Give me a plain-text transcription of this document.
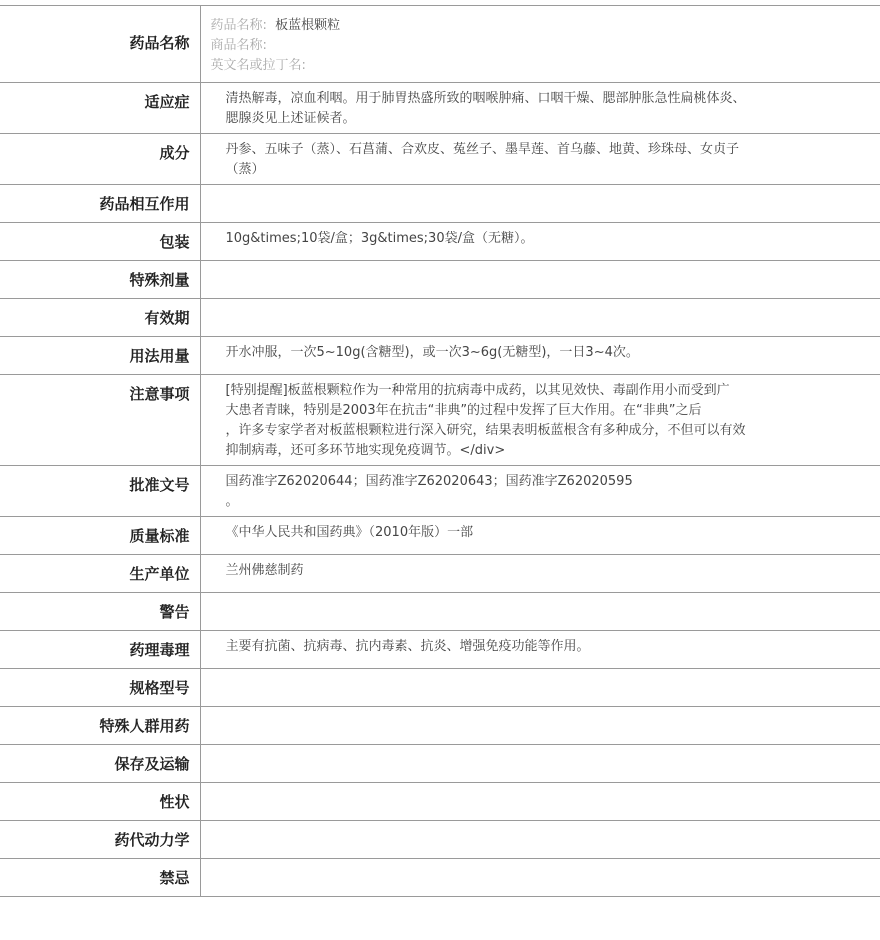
药品名称	药品名称: 板蓝根颗粒
商品名称:
英文名或拉丁名:

适应症	清热解毒，凉血利咽。用于肺胃热盛所致的咽喉肿痛、口咽干燥、腮部肿胀急性扁桃体炎、
腮腺炎见上述证候者。

成分	丹参、五味子（蒸）、石菖蒲、合欢皮、菟丝子、墨旱莲、首乌藤、地黄、珍珠母、女贞子
（蒸）

药品相互作用	
包装	10g&times;10袋/盒；3g&times;30袋/盒（无糖）。

特殊剂量	
有效期	
用法用量	开水冲服，一次5~10g(含糖型)，或一次3~6g(无糖型)，一日3~4次。

注意事项	[特别提醒]板蓝根颗粒作为一种常用的抗病毒中成药，以其见效快、毒副作用小而受到广
大患者青睐，特别是2003年在抗击“非典”的过程中发挥了巨大作用。在“非典”之后
，许多专家学者对板蓝根颗粒进行深入研究，结果表明板蓝根含有多种成分，不但可以有效
抑制病毒，还可多环节地实现免疫调节。</div>

批准文号	国药准字Z62020644；国药准字Z62020643；国药准字Z62020595
。

质量标准	《中华人民共和国药典》（2010年版）一部

生产单位	兰州佛慈制药

警告	
药理毒理	主要有抗菌、抗病毒、抗内毒素、抗炎、增强免疫功能等作用。

规格型号	
特殊人群用药	
保存及运输	
性状	
药代动力学	
禁忌	
